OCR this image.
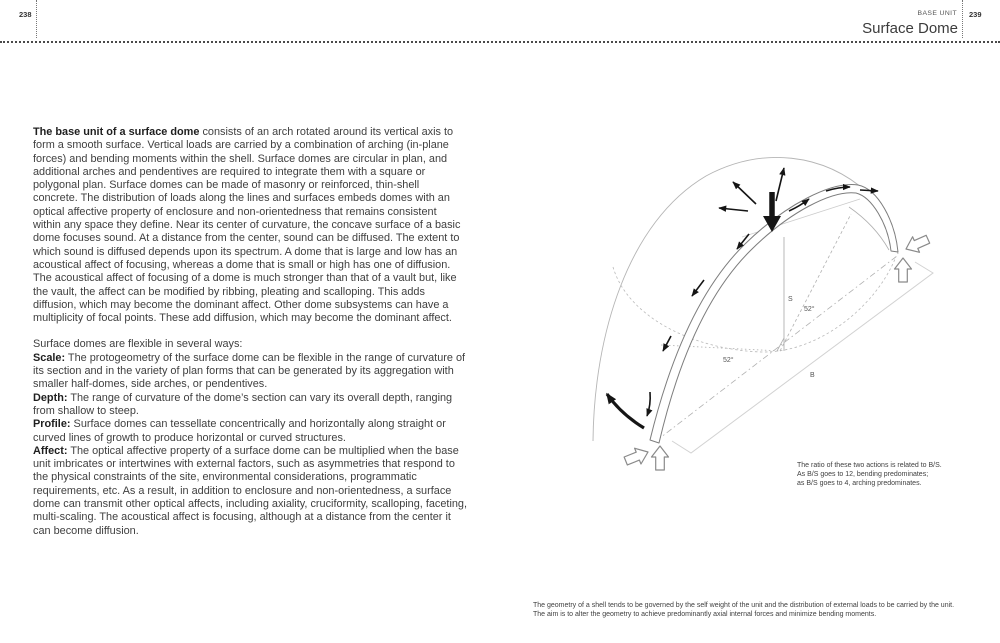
238	BASE UNIT 239
Surface Dome

The base unit of a surface dome consists of an arch rotated around its vertical axis to form a smooth surface. Vertical loads are carried by a combination of arching (in-plane forces) and bending moments within the shell. Surface domes are circular in plan, and additional arches and pendentives are required to integrate them with a square or polygonal plan. Surface domes can be made of masonry or reinforced, thin-shell concrete. The distribution of loads along the lines and surfaces embeds domes with an optical affective property of enclosure and non-orientedness that remains consistent within any space they define. Near its center of curvature, the concave surface of a basic dome focuses sound. At a distance from the center, sound can be diffused. The extent to which sound is diffused depends upon its spectrum. A dome that is large and low has an acoustical affect of focusing, whereas a dome that is small or high has one of diffusion. The acoustical affect of focusing of a dome is much stronger than that of a vault but, like the vault, the affect can be modified by ribbing, pleating and scalloping. This adds diffusion, which may become the dominant affect. Other dome subsystems can have a multiplicity of focal points. These add diffusion, which may become the dominant affect.

Surface domes are flexible in several ways:

Scale: The protogeometry of the surface dome can be flexible in the range of curvature of its section and in the variety of plan forms that can be generated by its aggregation with smaller half-domes, side arches, or pendentives.

Depth: The range of curvature of the dome’s section can vary its overall depth, ranging from shallow to steep.

Profile: Surface domes can tessellate concentrically and horizontally along straight or curved lines of growth to produce horizontal or curved structures.

Affect: The optical affective property of a surface dome can be multiplied when the base unit imbricates or intertwines with external factors, such as asymmetries that respond to the physical constraints of the site, environmental considerations, programmatic requirements, etc. As a result, in addition to enclosure and non-orientedness, a surface dome can transmit other optical affects, including axiality, cruciformity, scalloping, faceting, multi-scaling. The acoustical affect is focusing, although at a distance from the center it can become diffusion.

S
52°
52°
B
The ratio of these two actions is related to B/S.
As B/S goes to 12, bending predominates;
as B/S goes to 4, arching predominates.
The geometry of a shell tends to be governed by the self weight of the unit and the distribution of external loads to be carried by the unit.
The aim is to alter the geometry to achieve predominantly axial internal forces and minimize bending moments.
